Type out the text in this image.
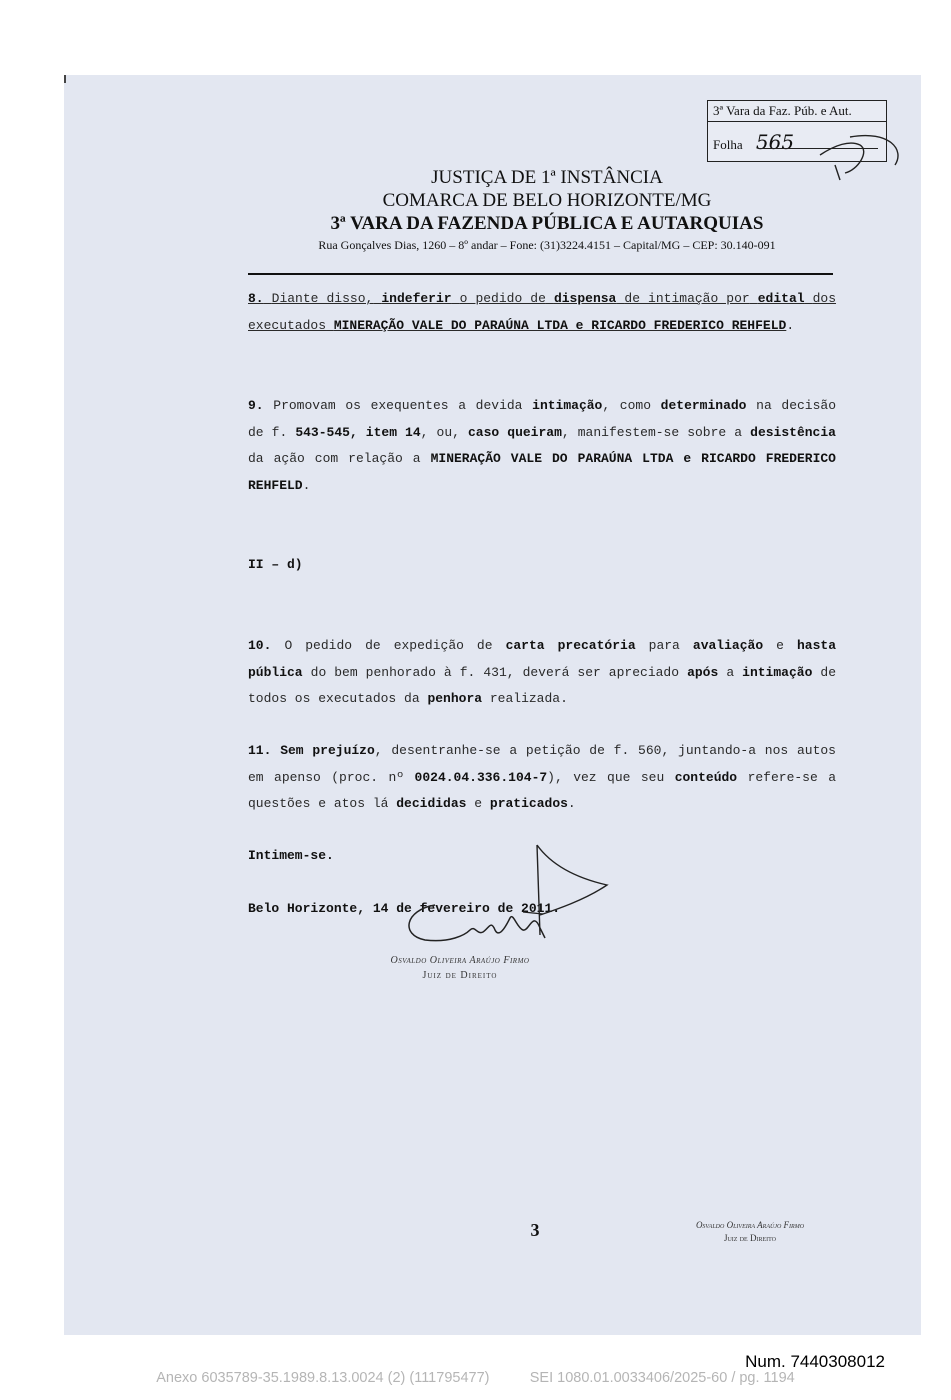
3ª Vara da Faz. Púb. e Aut.
Folha 565
JUSTIÇA DE 1ª INSTÂNCIA
COMARCA DE BELO HORIZONTE/MG
3ª VARA DA FAZENDA PÚBLICA E AUTARQUIAS
Rua Gonçalves Dias, 1260 – 8º andar – Fone: (31)3224.4151 – Capital/MG – CEP: 30.140-091
8. Diante disso, indeferir o pedido de dispensa de intimação por edital dos executados MINERAÇÃO VALE DO PARAÚNA LTDA e RICARDO FREDERICO REHFELD.
9. Promovam os exequentes a devida intimação, como determinado na decisão de f. 543-545, item 14, ou, caso queiram, manifestem-se sobre a desistência da ação com relação a MINERAÇÃO VALE DO PARAÚNA LTDA e RICARDO FREDERICO REHFELD.
II – d)
10. O pedido de expedição de carta precatória para avaliação e hasta pública do bem penhorado à f. 431, deverá ser apreciado após a intimação de todos os executados da penhora realizada.
11. Sem prejuízo, desentranhe-se a petição de f. 560, juntando-a nos autos em apenso (proc. nº 0024.04.336.104-7), vez que seu conteúdo refere-se a questões e atos lá decididas e praticados.
Intimem-se.
Belo Horizonte, 14 de fevereiro de 2011.
Osvaldo Oliveira Araújo Firmo
Juiz de Direito
3	Osvaldo Oliveira Araújo Firmo
Juiz de Direito
Num. 7440308012
Anexo 6035789-35.1989.8.13.0024 (2) (111795477)          SEI 1080.01.0033406/2025-60 / pg. 1194
